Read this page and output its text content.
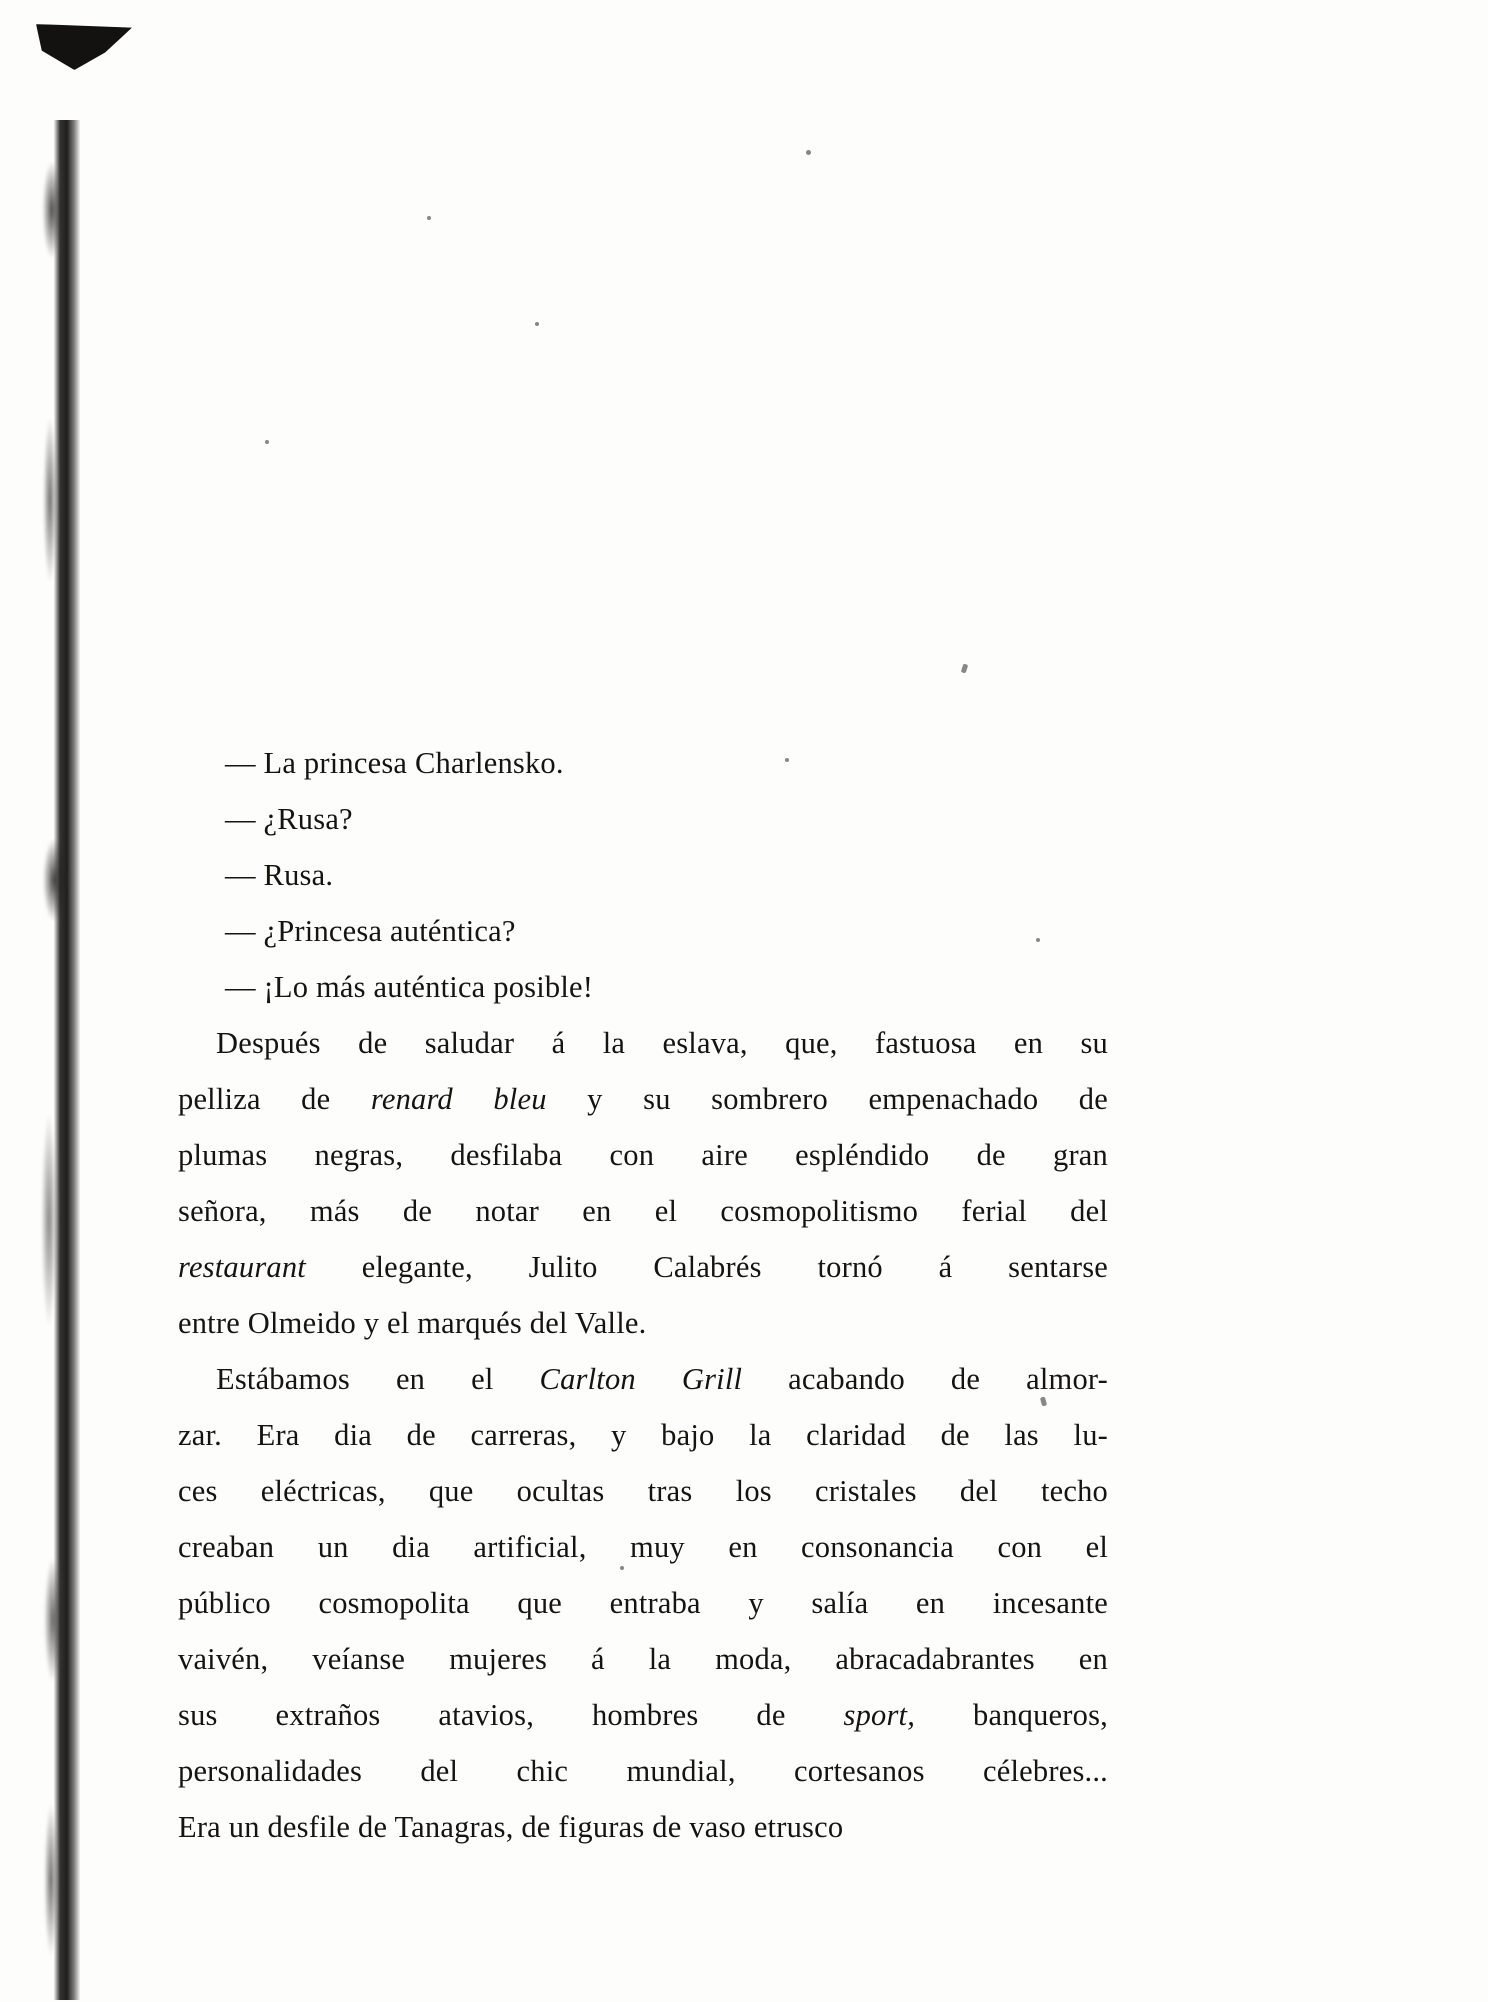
— La princesa Charlensko.
— ¿Rusa?
— Rusa.
— ¿Princesa auténtica?
— ¡Lo más auténtica posible!
Después de saludar á la eslava, que, fastuosa en su
pelliza de renard bleu y su sombrero empenachado de
plumas negras, desfilaba con aire espléndido de gran
señora, más de notar en el cosmopolitismo ferial del
restaurant elegante, Julito Calabrés tornó á sentarse
entre Olmeido y el marqués del Valle.
Estábamos en el Carlton Grill acabando de almor-
zar. Era dia de carreras, y bajo la claridad de las lu-
ces eléctricas, que ocultas tras los cristales del techo
creaban un dia artificial, muy en consonancia con el
público cosmopolita que entraba y salía en incesante
vaivén, veíanse mujeres á la moda, abracadabrantes en
sus extraños atavios, hombres de sport, banqueros,
personalidades del chic mundial, cortesanos célebres...
Era un desfile de Tanagras, de figuras de vaso etrusco
